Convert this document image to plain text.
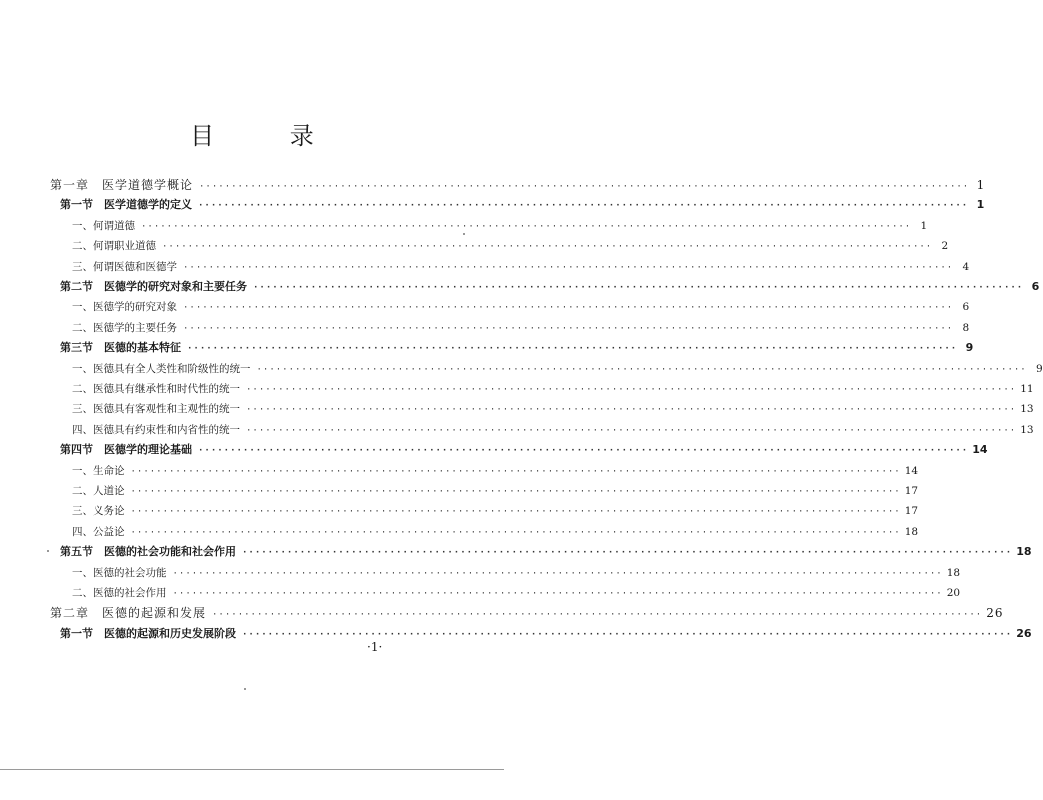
目 录
第一章　医学道德学概论 ························································································································ 1
第一节　医学道德学的定义 ························································································································ 1
一、何谓道德 ························································································································ 1
二、何谓职业道德 ························································································································ 2
三、何谓医德和医德学 ························································································································ 4
第二节　医德学的研究对象和主要任务 ························································································································ 6
一、医德学的研究对象 ························································································································ 6
二、医德学的主要任务 ························································································································ 8
第三节　医德的基本特征 ························································································································ 9
一、医德具有全人类性和阶级性的统一 ························································································································ 9
二、医德具有继承性和时代性的统一 ························································································································ 11
三、医德具有客观性和主观性的统一 ························································································································ 13
四、医德具有约束性和内省性的统一 ························································································································ 13
第四节　医德学的理论基础 ························································································································ 14
一、生命论 ························································································································ 14
二、人道论 ························································································································ 17
三、义务论 ························································································································ 17
四、公益论 ························································································································ 18
第五节　医德的社会功能和社会作用 ························································································································ 18
一、医德的社会功能 ························································································································ 18
二、医德的社会作用 ························································································································ 20
第二章　医德的起源和发展 ························································································································ 26
第一节　医德的起源和历史发展阶段 ························································································································ 26
·1·
